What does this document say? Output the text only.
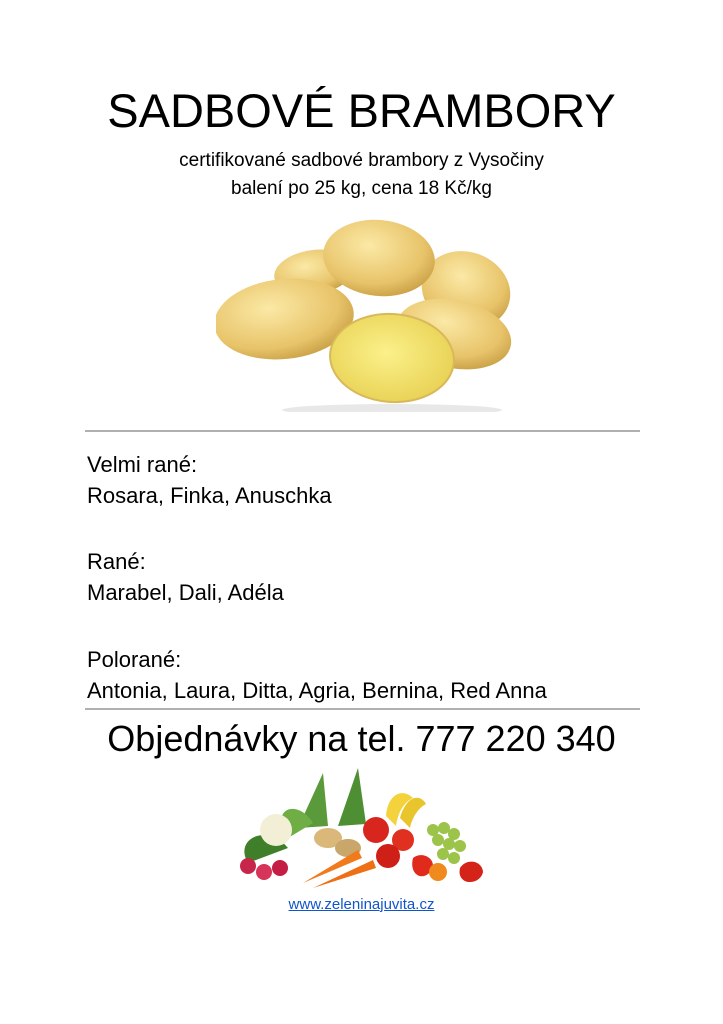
SADBOVÉ BRAMBORY
certifikované sadbové brambory z Vysočiny
balení po 25 kg, cena 18 Kč/kg
Velmi rané:
Rosara, Finka, Anuschka
Rané:
Marabel, Dali, Adéla
Polorané:
Antonia, Laura, Ditta, Agria, Bernina, Red Anna
Objednávky na tel. 777 220 340
www.zeleninajuvita.cz
